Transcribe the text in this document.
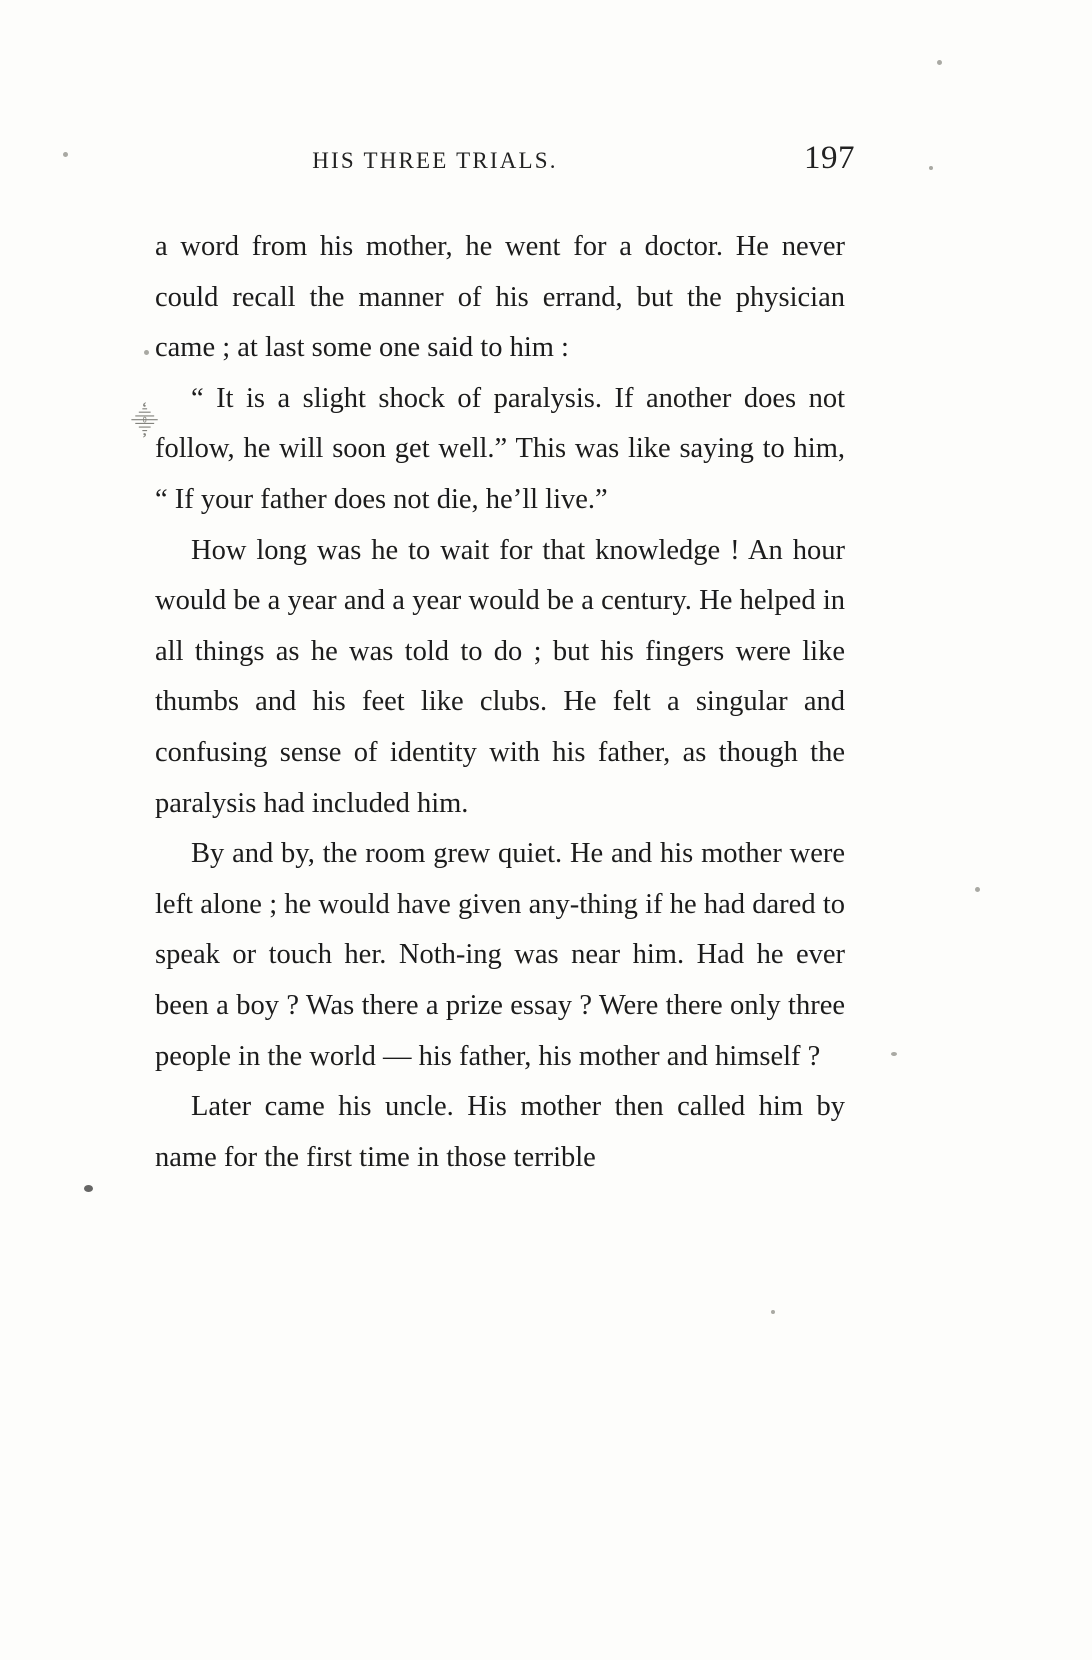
⸎
HIS THREE TRIALS.	197

a word from his mother, he went for a doctor. He never could recall the manner of his errand, but the physician came ; at last some one said to him :

“ It is a slight shock of paralysis. If another does not follow, he will soon get well.” This was like saying to him, “ If your father does not die, he’ll live.”

How long was he to wait for that knowledge ! An hour would be a year and a year would be a century. He helped in all things as he was told to do ; but his fingers were like thumbs and his feet like clubs. He felt a singular and confusing sense of identity with his father, as though the paralysis had included him.

By and by, the room grew quiet. He and his mother were left alone ; he would have given any-thing if he had dared to speak or touch her. Noth-ing was near him. Had he ever been a boy ? Was there a prize essay ? Were there only three people in the world — his father, his mother and himself ?

Later came his uncle. His mother then called him by name for the first time in those terrible
